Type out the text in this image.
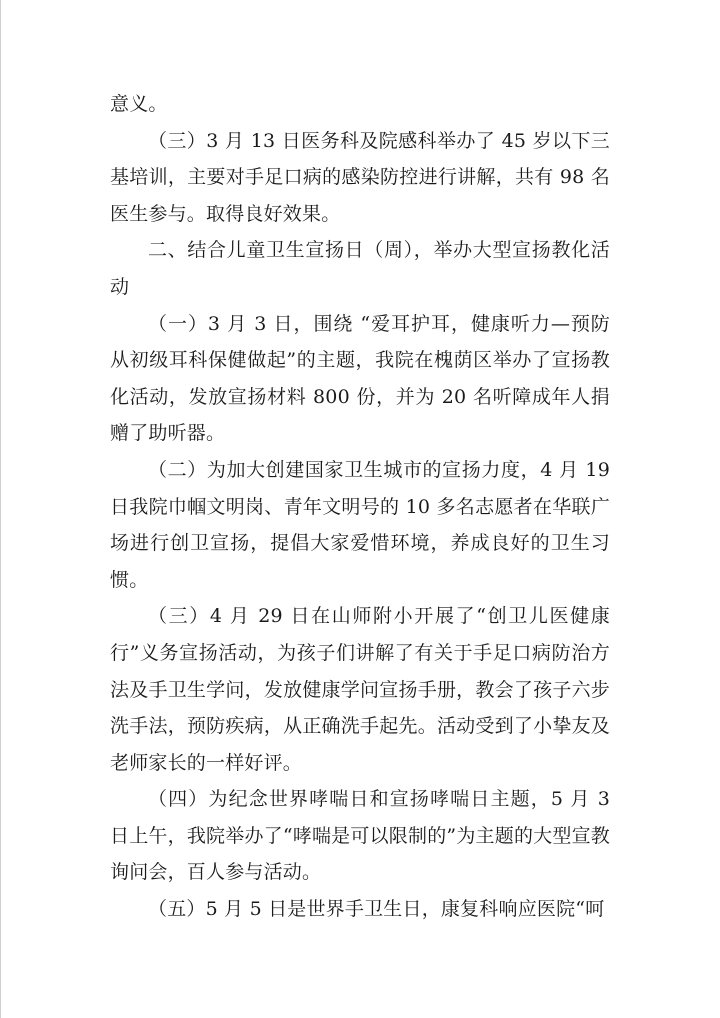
意义。

（三）3 月 13 日医务科及院感科举办了 45 岁以下三基培训，主要对手足口病的感染防控进行讲解，共有 98 名医生参与。取得良好效果。

二、结合儿童卫生宣扬日（周），举办大型宣扬教化活动

（一）3 月 3 日，围绕 “爱耳护耳，健康听力—预防从初级耳科保健做起”的主题，我院在槐荫区举办了宣扬教化活动，发放宣扬材料 800 份，并为 20 名听障成年人捐赠了助听器。

（二）为加大创建国家卫生城市的宣扬力度，4 月 19 日我院巾帼文明岗、青年文明号的 10 多名志愿者在华联广场进行创卫宣扬，提倡大家爱惜环境，养成良好的卫生习惯。

（三）4 月 29 日在山师附小开展了“创卫儿医健康行”义务宣扬活动，为孩子们讲解了有关于手足口病防治方法及手卫生学问，发放健康学问宣扬手册，教会了孩子六步洗手法，预防疾病，从正确洗手起先。活动受到了小挚友及老师家长的一样好评。

（四）为纪念世界哮喘日和宣扬哮喘日主题，5 月 3 日上午，我院举办了“哮喘是可以限制的”为主题的大型宣教询问会，百人参与活动。

（五）5 月 5 日是世界手卫生日，康复科响应医院“呵
